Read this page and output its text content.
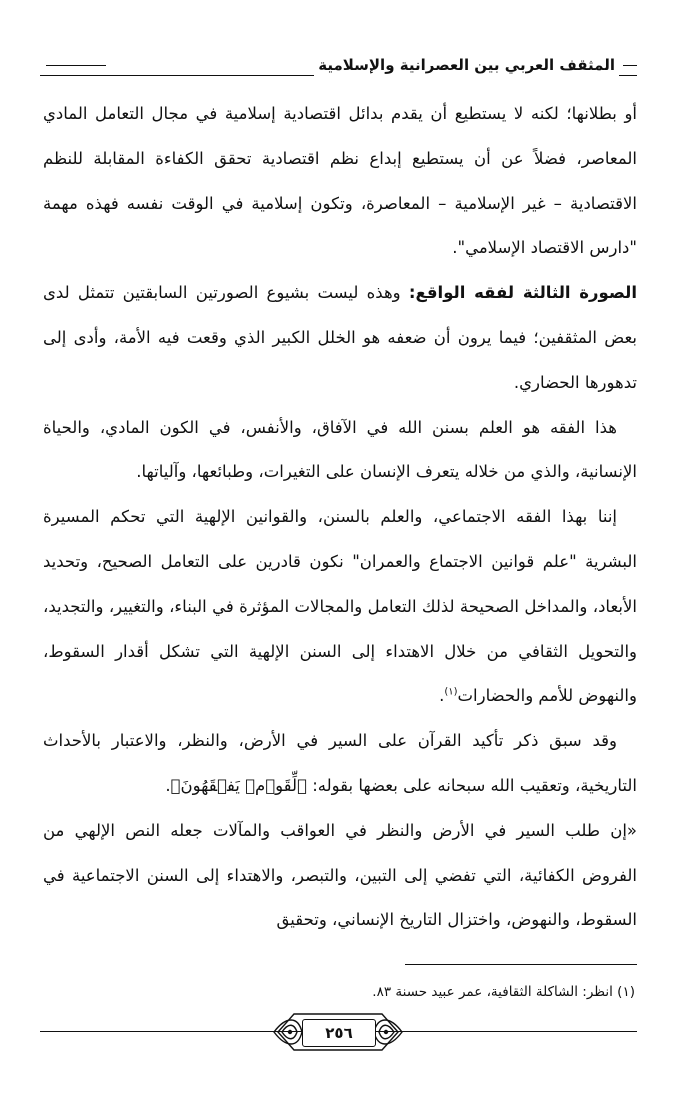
المثقف العربي بين العصرانية والإسلامية

أو بطلانها؛ لكنه لا يستطيع أن يقدم بدائل اقتصادية إسلامية في مجال التعامل المادي المعاصر، فضلاً عن أن يستطيع إبداع نظم اقتصادية تحقق الكفاءة المقابلة للنظم الاقتصادية – غير الإسلامية – المعاصرة، وتكون إسلامية في الوقت نفسه فهذه مهمة "دارس الاقتصاد الإسلامي".

الصورة الثالثة لفقه الواقع: وهذه ليست بشيوع الصورتين السابقتين تتمثل لدى بعض المثقفين؛ فيما يرون أن ضعفه هو الخلل الكبير الذي وقعت فيه الأمة، وأدى إلى تدهورها الحضاري.

هذا الفقه هو العلم بسنن الله في الآفاق، والأنفس، في الكون المادي، والحياة الإنسانية، والذي من خلاله يتعرف الإنسان على التغيرات، وطبائعها، وآلياتها.

إننا بهذا الفقه الاجتماعي، والعلم بالسنن، والقوانين الإلهية التي تحكم المسيرة البشرية "علم قوانين الاجتماع والعمران" نكون قادرين على التعامل الصحيح، وتحديد الأبعاد، والمداخل الصحيحة لذلك التعامل والمجالات المؤثرة في البناء، والتغيير، والتجديد، والتحويل الثقافي من خلال الاهتداء إلى السنن الإلهية التي تشكل أقدار السقوط، والنهوض للأمم والحضارات$^{(١)}$.

وقد سبق ذكر تأكيد القرآن على السير في الأرض، والنظر، والاعتبار بالأحداث التاريخية، وتعقيب الله سبحانه على بعضها بقوله: ﴿لِّقَوۡمٖ يَفۡقَهُونَ﴾.

«إن طلب السير في الأرض والنظر في العواقب والمآلات جعله النص الإلهي من الفروض الكفائية، التي تفضي إلى التبين، والتبصر، والاهتداء إلى السنن الاجتماعية في السقوط، والنهوض، واختزال التاريخ الإنساني، وتحقيق

(١) انظر: الشاكلة الثقافية، عمر عبيد حسنة ٨٣.
٢٥٦
